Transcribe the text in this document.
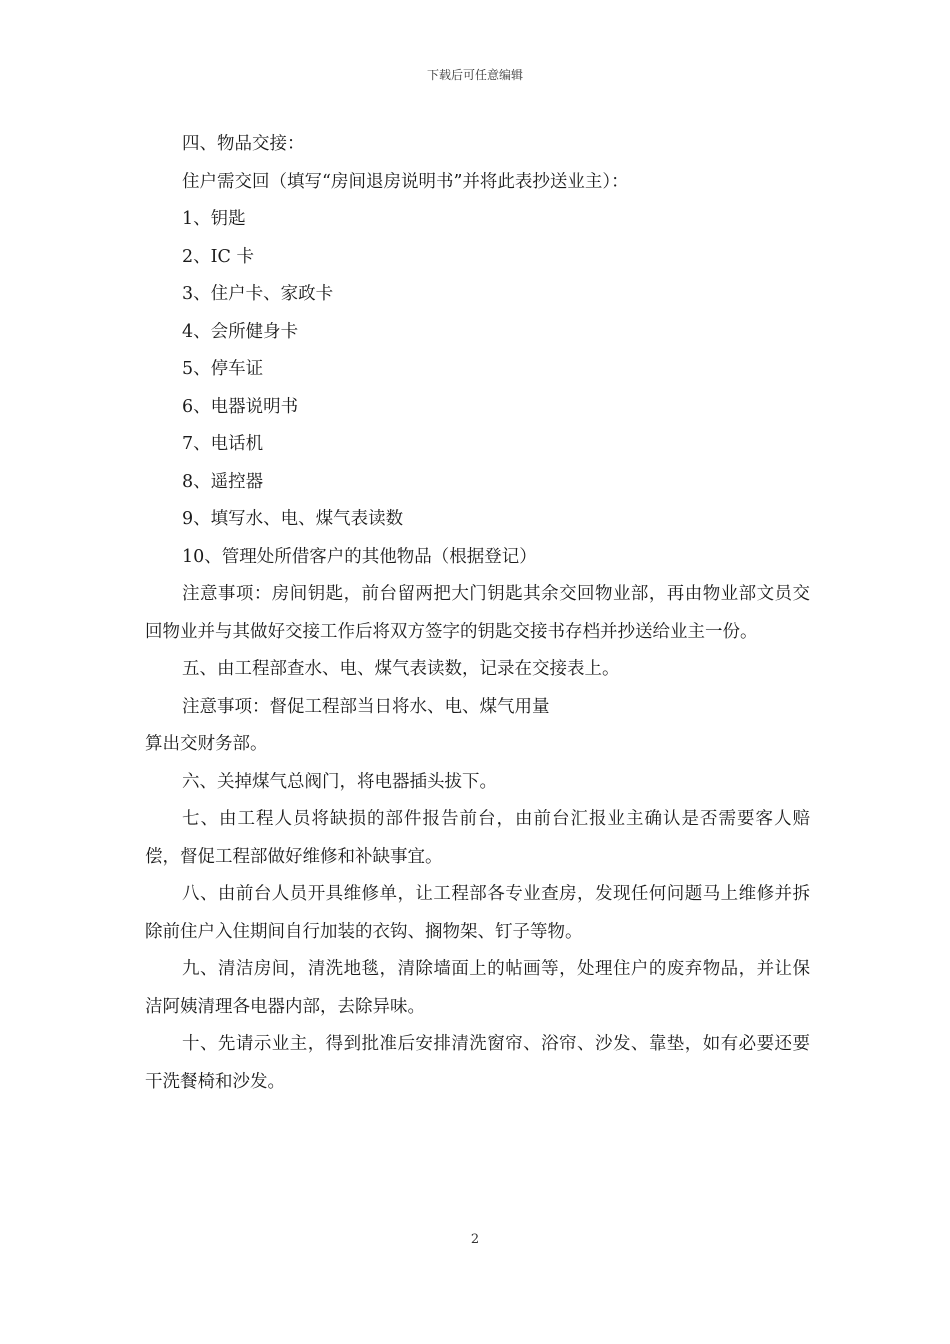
下载后可任意编辑
四、物品交接：
住户需交回（填写“房间退房说明书”并将此表抄送业主）：
1、钥匙
2、IC 卡
3、住户卡、家政卡
4、会所健身卡
5、停车证
6、电器说明书
7、电话机
8、遥控器
9、填写水、电、煤气表读数
10、管理处所借客户的其他物品（根据登记）

注意事项：房间钥匙，前台留两把大门钥匙其余交回物业部，再由物业部文员交回物业并与其做好交接工作后将双方签字的钥匙交接书存档并抄送给业主一份。

五、由工程部查水、电、煤气表读数，记录在交接表上。
注意事项：督促工程部当日将水、电、煤气用量
算出交财务部。
六、关掉煤气总阀门，将电器插头拔下。

七、由工程人员将缺损的部件报告前台，由前台汇报业主确认是否需要客人赔偿，督促工程部做好维修和补缺事宜。

八、由前台人员开具维修单，让工程部各专业查房，发现任何问题马上维修并拆除前住户入住期间自行加装的衣钩、搁物架、钉子等物。

九、清洁房间，清洗地毯，清除墙面上的帖画等，处理住户的废弃物品，并让保洁阿姨清理各电器内部，去除异味。

十、先请示业主，得到批准后安排清洗窗帘、浴帘、沙发、靠垫，如有必要还要干洗餐椅和沙发。

2
